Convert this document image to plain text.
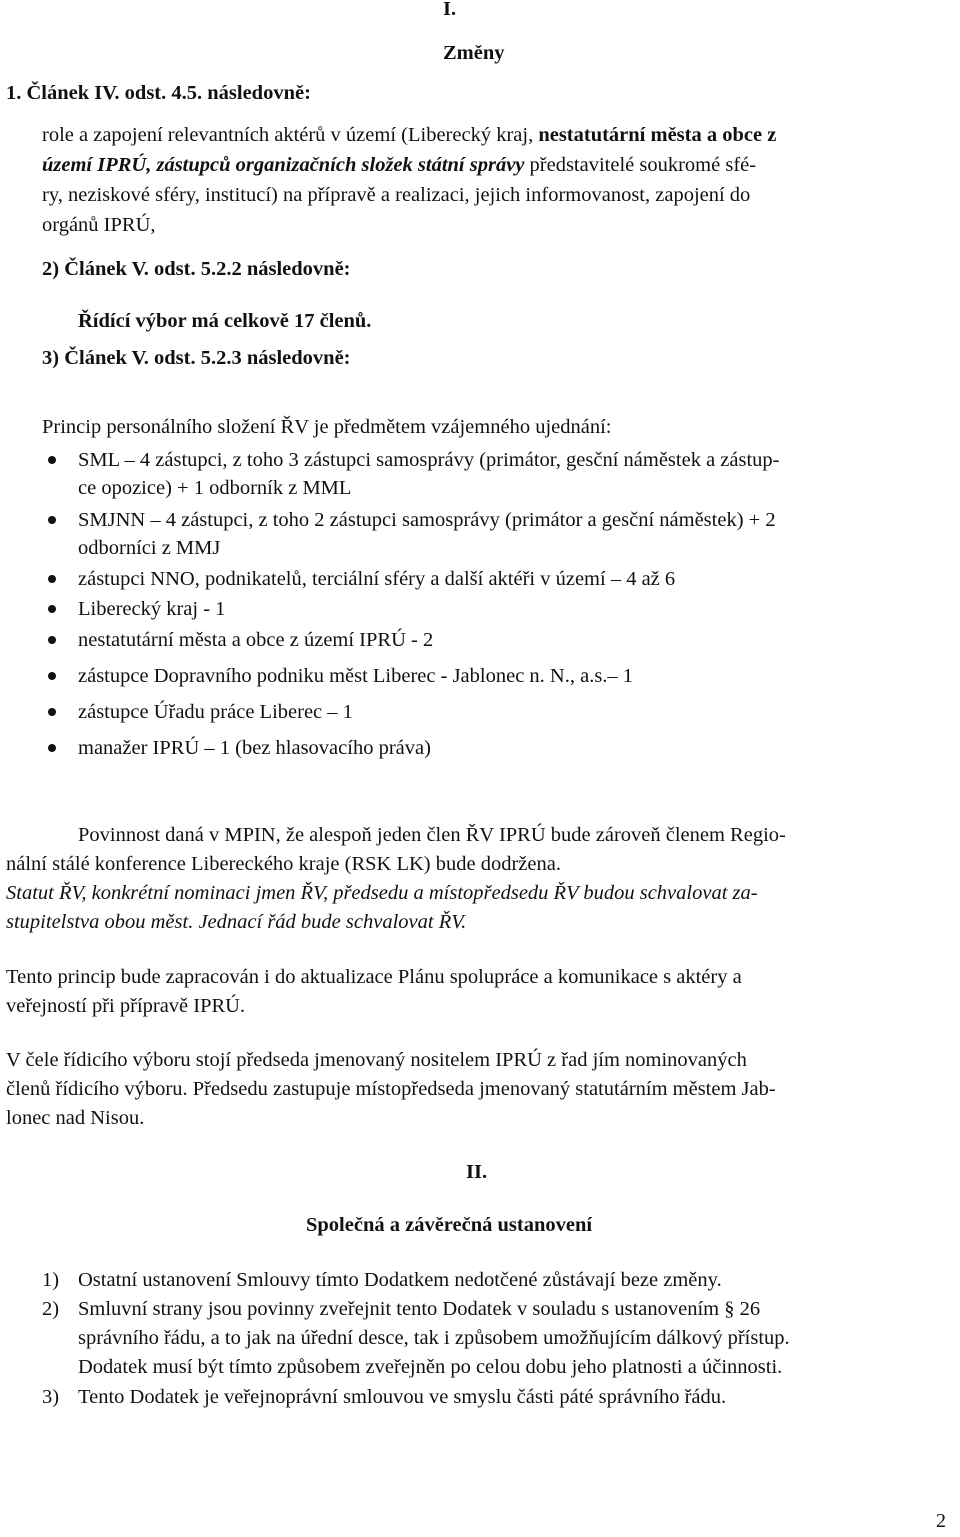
I.
Změny
1. Článek IV. odst. 4.5. následovně:
role a zapojení relevantních aktérů v území (Liberecký kraj, nestatutární města a obce z
území IPRÚ, zástupců organizačních složek státní správy představitelé soukromé sfé-
ry, neziskové sféry, institucí) na přípravě a realizaci, jejich informovanost, zapojení do
orgánů IPRÚ,
2) Článek V. odst. 5.2.2 následovně:
Řídící výbor má celkově 17 členů.
3) Článek V. odst. 5.2.3 následovně:
Princip personálního složení ŘV je předmětem vzájemného ujednání:
SML – 4 zástupci, z toho 3 zástupci samosprávy (primátor, gesční náměstek a zástup-
ce opozice) + 1 odborník z MML
SMJNN – 4 zástupci, z toho 2 zástupci samosprávy (primátor a gesční náměstek) + 2
odborníci z MMJ
zástupci NNO, podnikatelů, terciální sféry a další aktéři v území – 4 až 6
Liberecký kraj - 1
nestatutární města a obce z území IPRÚ - 2
zástupce Dopravního podniku měst Liberec - Jablonec n. N., a.s.– 1
zástupce Úřadu práce Liberec – 1
manažer IPRÚ – 1 (bez hlasovacího práva)
Povinnost daná v MPIN, že alespoň jeden člen ŘV IPRÚ bude zároveň členem Regio-
nální stálé konference Libereckého kraje (RSK LK) bude dodržena.
Statut ŘV, konkrétní nominaci jmen ŘV, předsedu a místopředsedu ŘV budou schvalovat za-
stupitelstva obou měst. Jednací řád bude schvalovat ŘV.
Tento princip bude zapracován i do aktualizace Plánu spolupráce a komunikace s aktéry a
veřejností při přípravě IPRÚ.
V čele řídicího výboru stojí předseda jmenovaný nositelem IPRÚ z řad jím nominovaných
členů řídicího výboru. Předsedu zastupuje místopředseda jmenovaný statutárním městem Jab-
lonec nad Nisou.
II.
Společná a závěrečná ustanovení
1) Ostatní ustanovení Smlouvy tímto Dodatkem nedotčené zůstávají beze změny.
2) Smluvní strany jsou povinny zveřejnit tento Dodatek v souladu s ustanovením § 26
správního řádu, a to jak na úřední desce, tak i způsobem umožňujícím dálkový přístup.
Dodatek musí být tímto způsobem zveřejněn po celou dobu jeho platnosti a účinnosti.
3) Tento Dodatek je veřejnoprávní smlouvou ve smyslu části páté správního řádu.
2
